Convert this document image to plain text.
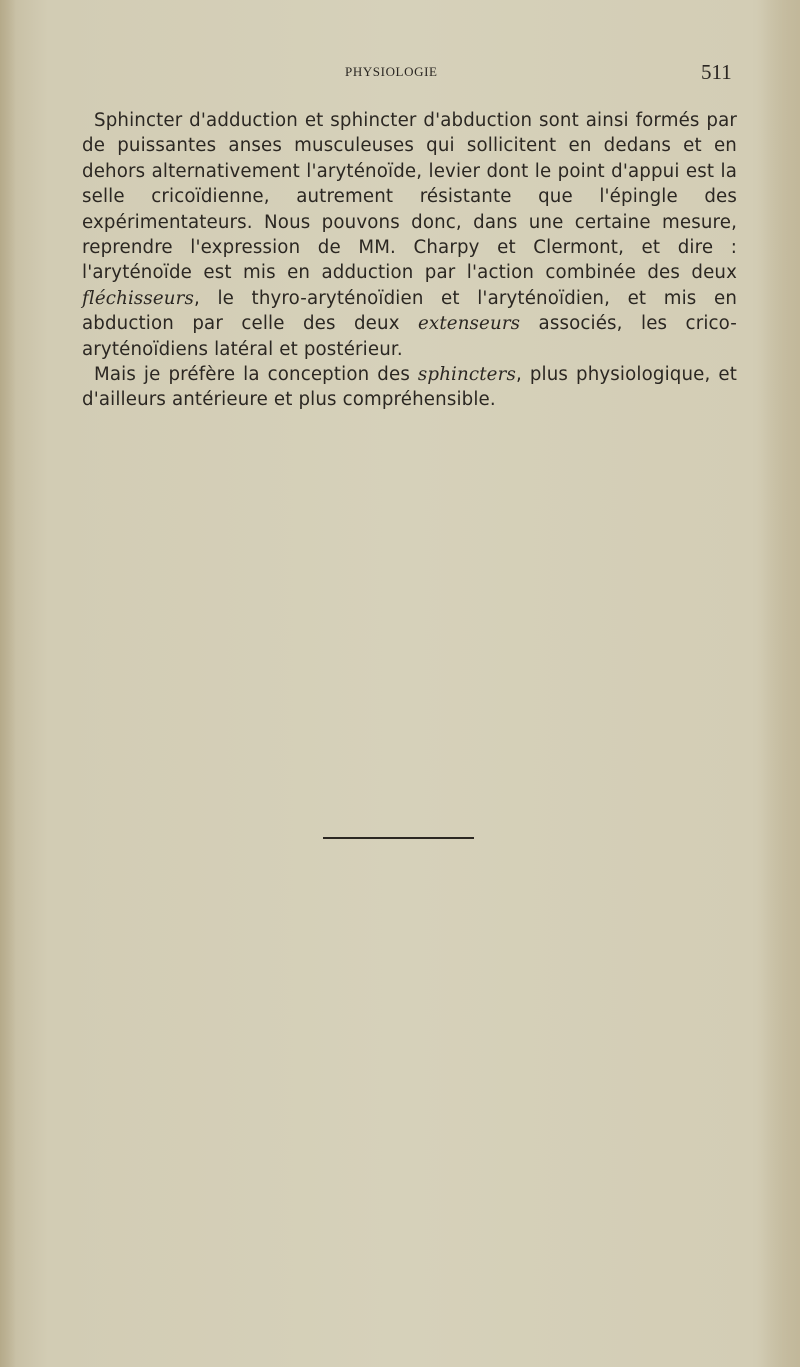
PHYSIOLOGIE	511

Sphincter d'adduction et sphincter d'abduction sont ainsi formés par de puissantes anses musculeuses qui sollicitent en dedans et en dehors alternativement l'aryténoïde, levier dont le point d'appui est la selle cricoïdienne, autrement résistante que l'épingle des expérimentateurs. Nous pouvons donc, dans une certaine mesure, reprendre l'expression de MM. Charpy et Clermont, et dire : l'aryténoïde est mis en adduction par l'action combinée des deux fléchisseurs, le thyro-aryténoïdien et l'aryténoïdien, et mis en abduction par celle des deux extenseurs associés, les crico-aryténoïdiens latéral et postérieur.

Mais je préfère la conception des sphincters, plus physiologique, et d'ailleurs antérieure et plus compréhensible.
